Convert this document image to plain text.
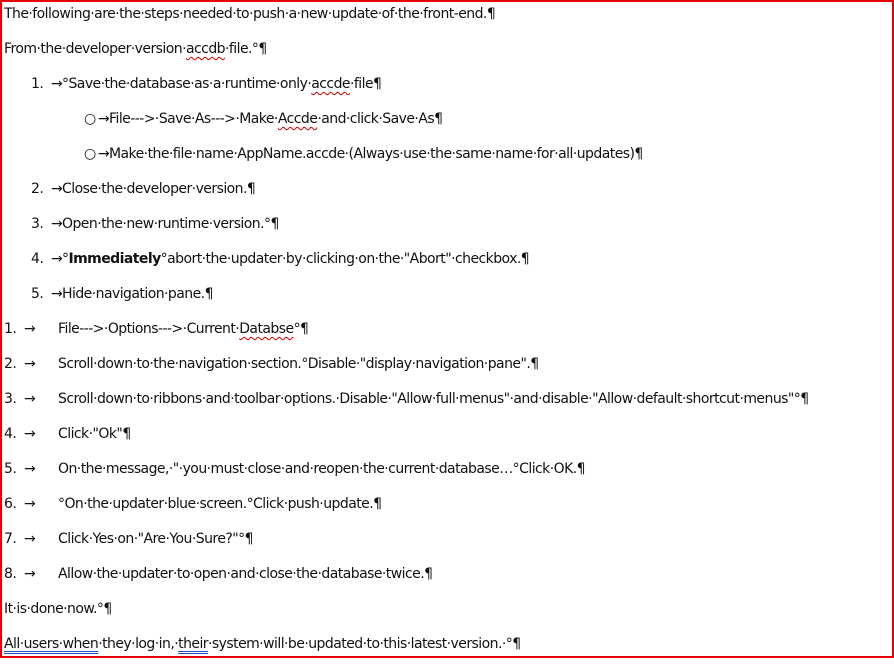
The·following·are·the·steps·needed·to·push·a·new·update·of·the·front-end.¶
From·the·developer·version·accdb·file.°¶
1. →°Save·the·database·as·a·runtime·only·accde·file¶
○ →File--->·Save·As--->·Make·Accde·and·click·Save·As¶
○ →Make·the·file·name·AppName.accde·(Always·use·the·same·name·for·all·updates)¶
2. →Close·the·developer·version.¶
3. →Open·the·new·runtime·version.°¶
4. →°Immediately°abort·the·updater·by·clicking·on·the·"Abort"·checkbox.¶
5. →Hide·navigation·pane.¶
1. → File--->·Options--->·Current·Databse°¶
2. → Scroll·down·to·the·navigation·section.°Disable·"display·navigation·pane".¶
3. → Scroll·down·to·ribbons·and·toolbar·options.·Disable·"Allow·full·menus"·and·disable·"Allow·default·shortcut·menus"°¶
4. → Click·"Ok"¶
5. → On·the·message,·"·you·must·close·and·reopen·the·current·database…°Click·OK.¶
6. → °On·the·updater·blue·screen.°Click·push·update.¶
7. → Click·Yes·on·"Are·You·Sure?"°¶
8. → Allow·the·updater·to·open·and·close·the·database·twice.¶
It·is·done·now.°¶
All·users·when·they·log·in,·their·system·will·be·updated·to·this·latest·version.·°¶
